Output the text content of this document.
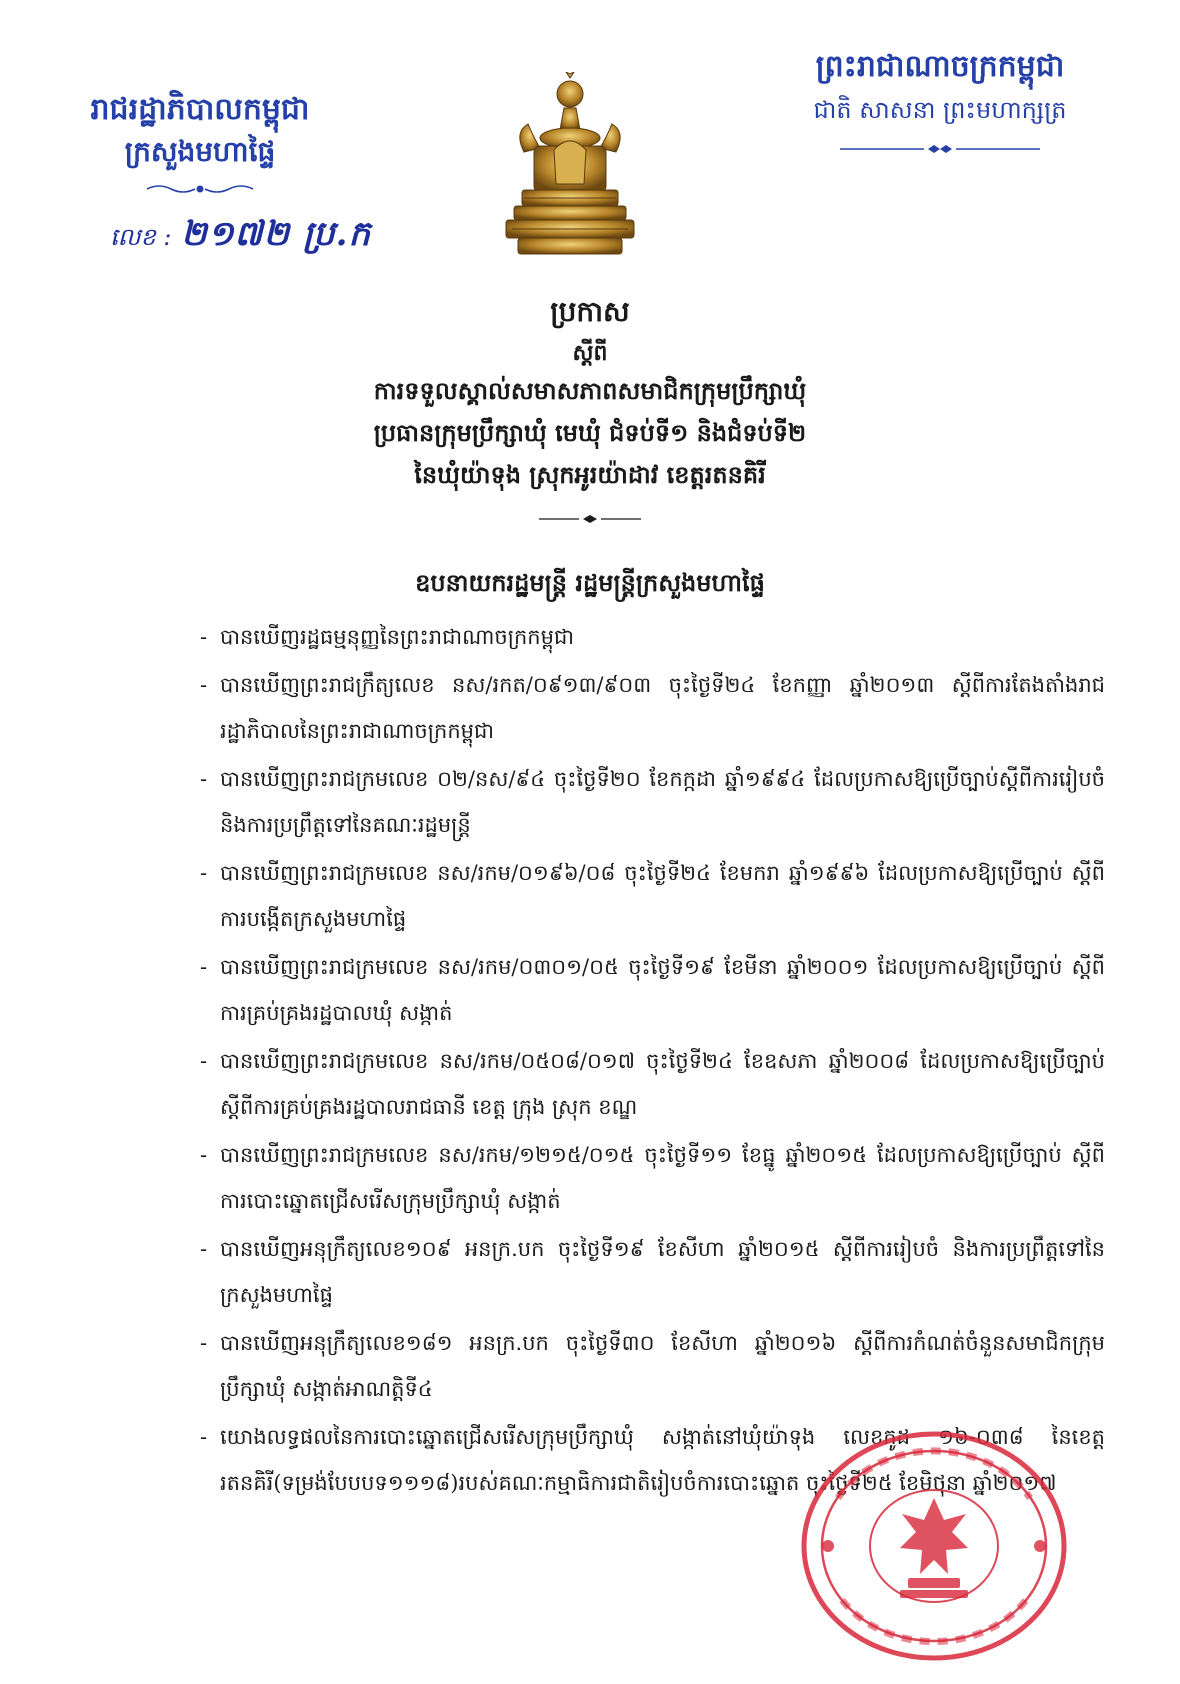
រាជរដ្ឋាភិបាលកម្ពុជា
ក្រសួងមហាផ្ទៃ
លេខ : ២១៧២ ប្រ.ក
ព្រះរាជាណាចក្រកម្ពុជា
ជាតិ សាសនា ព្រះមហាក្សត្រ
ប្រកាស
ស្តីពី
ការទទួលស្គាល់សមាសភាពសមាជិកក្រុមប្រឹក្សាឃុំ
ប្រធានក្រុមប្រឹក្សាឃុំ មេឃុំ ជំទប់ទី១ និងជំទប់ទី២
នៃឃុំយ៉ាទុង ស្រុកអូរយ៉ាដាវ ខេត្តរតនគិរី
ឧបនាយករដ្ឋមន្ត្រី រដ្ឋមន្ត្រីក្រសួងមហាផ្ទៃ
- បានឃើញរដ្ឋធម្មនុញ្ញនៃព្រះរាជាណាចក្រកម្ពុជា
- បានឃើញព្រះរាជក្រឹត្យលេខ នស/រកត/០៩១៣/៩០៣ ចុះថ្ងៃទី២៤ ខែកញ្ញា ឆ្នាំ២០១៣ ស្តីពីការតែងតាំងរាជរដ្ឋាភិបាលនៃព្រះរាជាណាចក្រកម្ពុជា
- បានឃើញព្រះរាជក្រមលេខ ០២/នស/៩៤ ចុះថ្ងៃទី២០ ខែកក្កដា ឆ្នាំ១៩៩៤ ដែលប្រកាសឱ្យប្រើច្បាប់ស្តីពីការរៀបចំ និងការប្រព្រឹត្តទៅនៃគណៈរដ្ឋមន្ត្រី
- បានឃើញព្រះរាជក្រមលេខ នស/រកម/០១៩៦/០៨ ចុះថ្ងៃទី២៤ ខែមករា ឆ្នាំ១៩៩៦ ដែលប្រកាសឱ្យប្រើច្បាប់ ស្តីពីការបង្កើតក្រសួងមហាផ្ទៃ
- បានឃើញព្រះរាជក្រមលេខ នស/រកម/០៣០១/០៥ ចុះថ្ងៃទី១៩ ខែមីនា ឆ្នាំ២០០១ ដែលប្រកាសឱ្យប្រើច្បាប់ ស្តីពីការគ្រប់គ្រងរដ្ឋបាលឃុំ សង្កាត់
- បានឃើញព្រះរាជក្រមលេខ នស/រកម/០៥០៨/០១៧ ចុះថ្ងៃទី២៤ ខែឧសភា ឆ្នាំ២០០៨ ដែលប្រកាសឱ្យប្រើច្បាប់ ស្តីពីការគ្រប់គ្រងរដ្ឋបាលរាជធានី ខេត្ត ក្រុង ស្រុក ខណ្ឌ
- បានឃើញព្រះរាជក្រមលេខ នស/រកម/១២១៥/០១៥ ចុះថ្ងៃទី១១ ខែធ្នូ ឆ្នាំ២០១៥ ដែលប្រកាសឱ្យប្រើច្បាប់ ស្តីពីការបោះឆ្នោតជ្រើសរើសក្រុមប្រឹក្សាឃុំ សង្កាត់
- បានឃើញអនុក្រឹត្យលេខ១០៩ អនក្រ.បក ចុះថ្ងៃទី១៩ ខែសីហា ឆ្នាំ២០១៥ ស្តីពីការរៀបចំ និងការប្រព្រឹត្តទៅនៃក្រសួងមហាផ្ទៃ
- បានឃើញអនុក្រឹត្យលេខ១៨១ អនក្រ.បក ចុះថ្ងៃទី៣០ ខែសីហា ឆ្នាំ២០១៦ ស្តីពីការកំណត់ចំនួនសមាជិកក្រុមប្រឹក្សាឃុំ សង្កាត់អាណត្តិទី៤
- យោងលទ្ធផលនៃការបោះឆ្នោតជ្រើសរើសក្រុមប្រឹក្សាឃុំ សង្កាត់នៅឃុំយ៉ាទុង លេខកូដ ១៦-០៣៨ នៃខេត្តរតនគិរី(ទម្រង់បែបបទ១១១៨)របស់គណៈកម្មាធិការជាតិរៀបចំការបោះឆ្នោត ចុះថ្ងៃទី២៥ ខែមិថុនា ឆ្នាំ២០១៧
